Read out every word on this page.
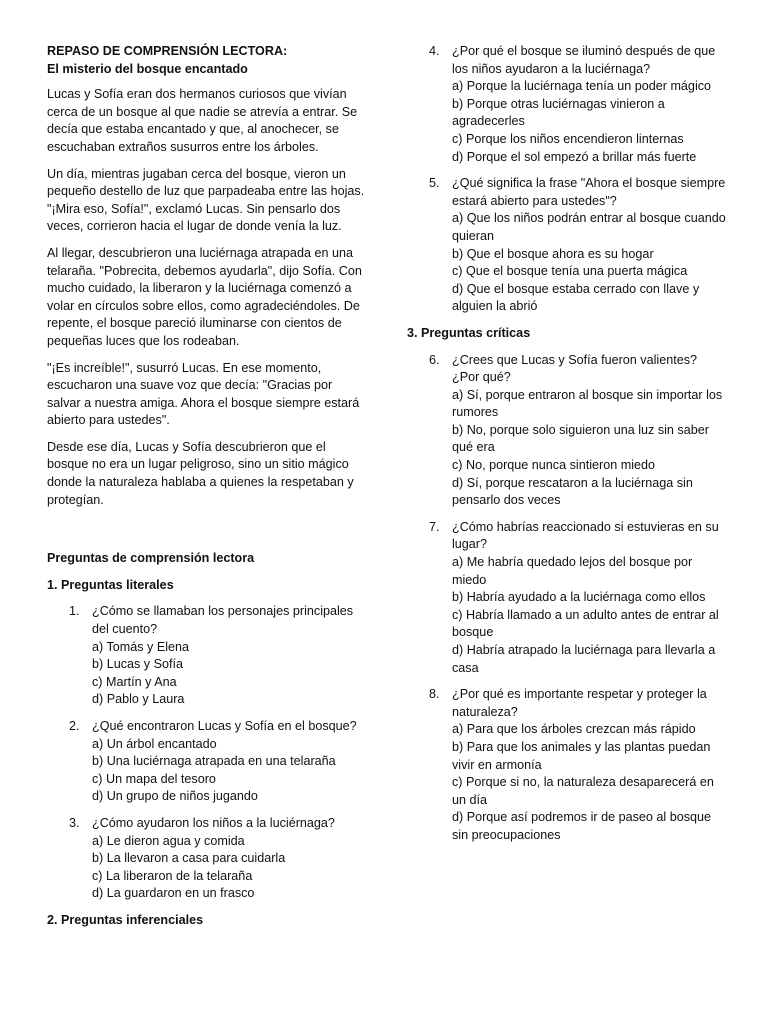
REPASO DE COMPRENSIÓN LECTORA:

El misterio del bosque encantado

Lucas y Sofía eran dos hermanos curiosos que vivían cerca de un bosque al que nadie se atrevía a entrar. Se decía que estaba encantado y que, al anochecer, se escuchaban extraños susurros entre los árboles.

Un día, mientras jugaban cerca del bosque, vieron un pequeño destello de luz que parpadeaba entre las hojas. "¡Mira eso, Sofía!", exclamó Lucas. Sin pensarlo dos veces, corrieron hacia el lugar de donde venía la luz.

Al llegar, descubrieron una luciérnaga atrapada en una telaraña. "Pobrecita, debemos ayudarla", dijo Sofía. Con mucho cuidado, la liberaron y la luciérnaga comenzó a volar en círculos sobre ellos, como agradeciéndoles. De repente, el bosque pareció iluminarse con cientos de pequeñas luces que los rodeaban.

"¡Es increíble!", susurró Lucas. En ese momento, escucharon una suave voz que decía: "Gracias por salvar a nuestra amiga. Ahora el bosque siempre estará abierto para ustedes".

Desde ese día, Lucas y Sofía descubrieron que el bosque no era un lugar peligroso, sino un sitio mágico donde la naturaleza hablaba a quienes la respetaban y protegían.

Preguntas de comprensión lectora

1. Preguntas literales

1. ¿Cómo se llamaban los personajes principales del cuento?
a) Tomás y Elena
b) Lucas y Sofía
c) Martín y Ana
d) Pablo y Laura
2. ¿Qué encontraron Lucas y Sofía en el bosque?
a) Un árbol encantado
b) Una luciérnaga atrapada en una telaraña
c) Un mapa del tesoro
d) Un grupo de niños jugando
3. ¿Cómo ayudaron los niños a la luciérnaga?
a) Le dieron agua y comida
b) La llevaron a casa para cuidarla
c) La liberaron de la telaraña
d) La guardaron en un frasco

2. Preguntas inferenciales

4. ¿Por qué el bosque se iluminó después de que los niños ayudaron a la luciérnaga?
a) Porque la luciérnaga tenía un poder mágico
b) Porque otras luciérnagas vinieron a agradecerles
c) Porque los niños encendieron linternas
d) Porque el sol empezó a brillar más fuerte
5. ¿Qué significa la frase "Ahora el bosque siempre estará abierto para ustedes"?
a) Que los niños podrán entrar al bosque cuando quieran
b) Que el bosque ahora es su hogar
c) Que el bosque tenía una puerta mágica
d) Que el bosque estaba cerrado con llave y alguien la abrió

3. Preguntas críticas

6. ¿Crees que Lucas y Sofía fueron valientes? ¿Por qué?
a) Sí, porque entraron al bosque sin importar los rumores
b) No, porque solo siguieron una luz sin saber qué era
c) No, porque nunca sintieron miedo
d) Sí, porque rescataron a la luciérnaga sin pensarlo dos veces
7. ¿Cómo habrías reaccionado si estuvieras en su lugar?
a) Me habría quedado lejos del bosque por miedo
b) Habría ayudado a la luciérnaga como ellos
c) Habría llamado a un adulto antes de entrar al bosque
d) Habría atrapado la luciérnaga para llevarla a casa
8. ¿Por qué es importante respetar y proteger la naturaleza?
a) Para que los árboles crezcan más rápido
b) Para que los animales y las plantas puedan vivir en armonía
c) Porque si no, la naturaleza desaparecerá en un día
d) Porque así podremos ir de paseo al bosque sin preocupaciones
